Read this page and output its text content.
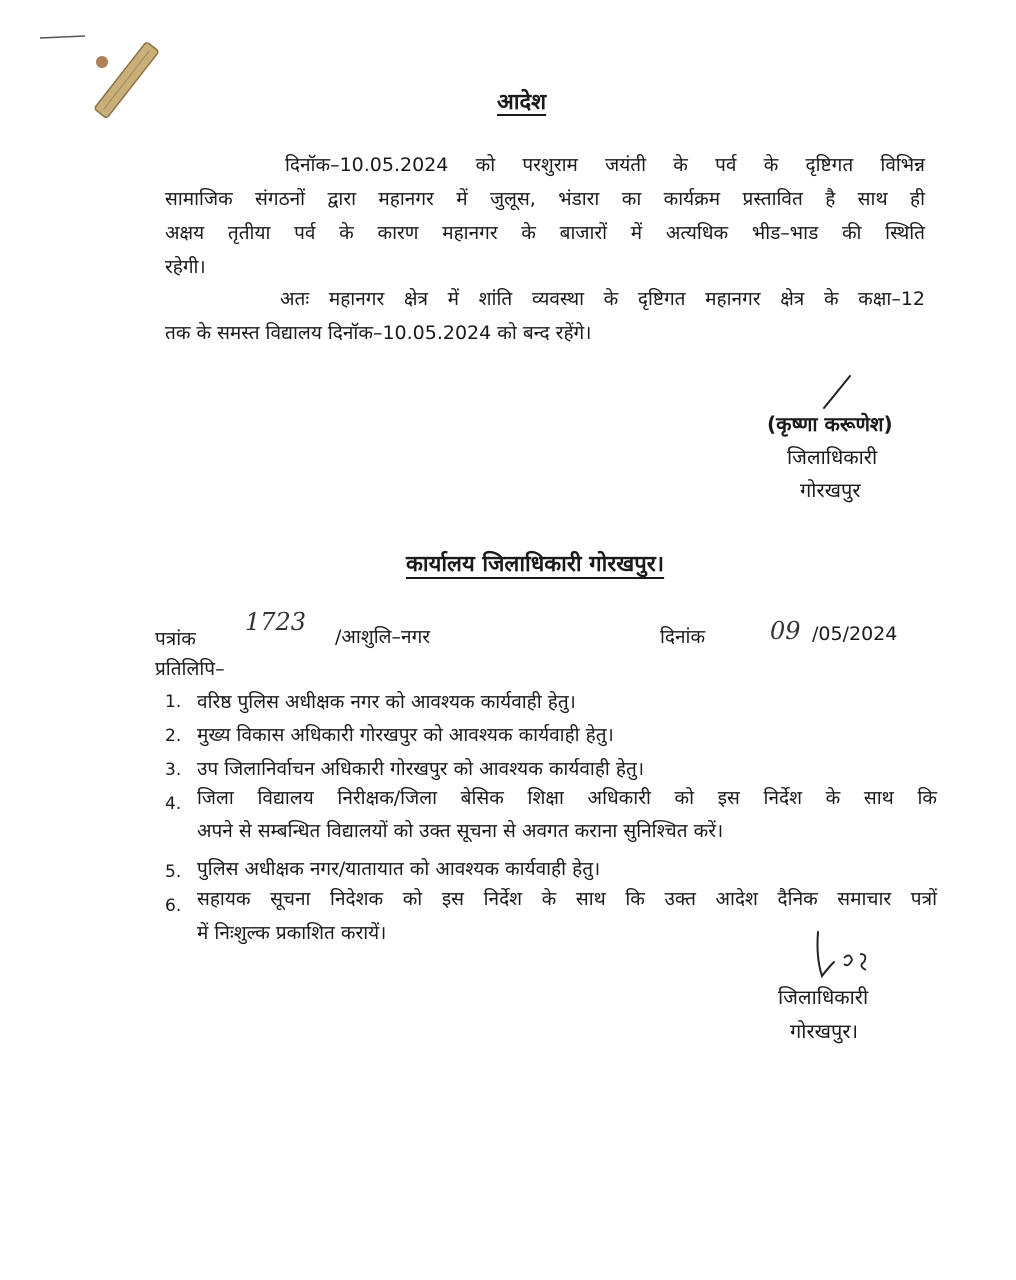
आदेश
दिनॉक–10.05.2024 को परशुराम जयंती के पर्व के दृष्टिगत विभिन्न
सामाजिक संगठनों द्वारा महानगर में जुलूस, भंडारा का कार्यक्रम प्रस्तावित है साथ ही
अक्षय तृतीया पर्व के कारण महानगर के बाजारों में अत्यधिक भीड–भाड की स्थिति
रहेगी।
अतः महानगर क्षेत्र में शांति व्यवस्था के दृष्टिगत महानगर क्षेत्र के कक्षा–12
तक के समस्त विद्यालय दिनॉक–10.05.2024 को बन्द रहेंगे।
(कृष्णा करूणेश)
जिलाधिकारी
गोरखपुर
कार्यालय जिलाधिकारी गोरखपुर।
पत्रांक
1723
/आशुलि–नगर	दिनांक	09 /05/2024
प्रतिलिपि–
1. वरिष्ठ पुलिस अधीक्षक नगर को आवश्यक कार्यवाही हेतु।
2. मुख्य विकास अधिकारी गोरखपुर को आवश्यक कार्यवाही हेतु।
3. उप जिलानिर्वाचन अधिकारी गोरखपुर को आवश्यक कार्यवाही हेतु।
4. जिला विद्यालय निरीक्षक/जिला बेसिक शिक्षा अधिकारी को इस निर्देश के साथ कि
अपने से सम्बन्धित विद्यालयों को उक्त सूचना से अवगत कराना सुनिश्चित करें।
5. पुलिस अधीक्षक नगर/यातायात को आवश्यक कार्यवाही हेतु।
6. सहायक सूचना निदेशक को इस निर्देश के साथ कि उक्त आदेश दैनिक समाचार पत्रों
में निःशुल्क प्रकाशित करायें।
जिलाधिकारी
गोरखपुर।
